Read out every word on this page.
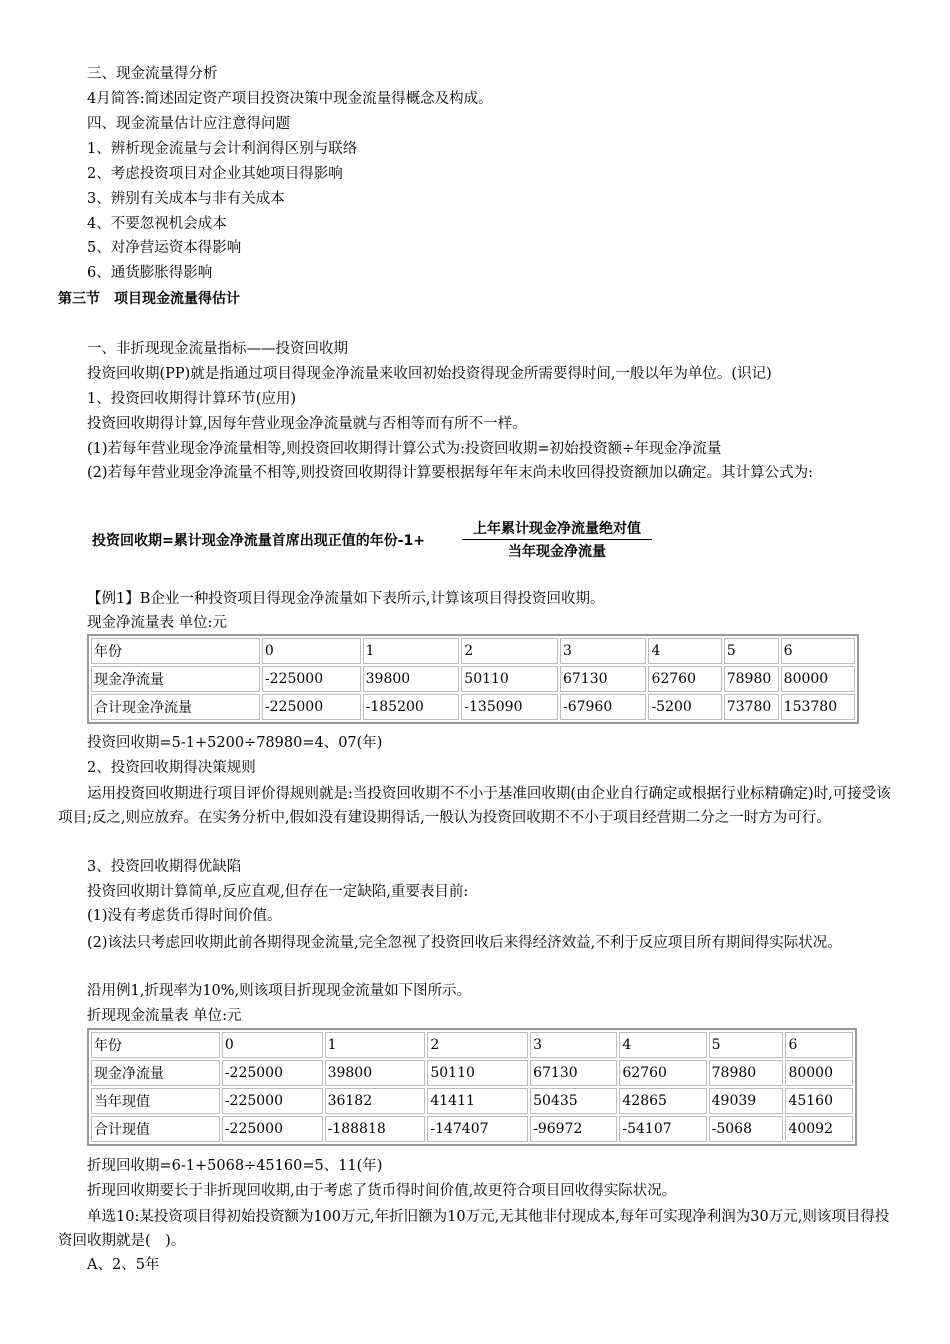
三、现金流量得分析
4月简答:简述固定资产项目投资决策中现金流量得概念及构成。
四、现金流量估计应注意得问题
1、辨析现金流量与会计利润得区别与联络
2、考虑投资项目对企业其她项目得影响
3、辨别有关成本与非有关成本
4、不要忽视机会成本
5、对净营运资本得影响
6、通货膨胀得影响
第三节　项目现金流量得估计
一、非折现现金流量指标——投资回收期
投资回收期(PP)就是指通过项目得现金净流量来收回初始投资得现金所需要得时间,一般以年为单位。(识记)
1、投资回收期得计算环节(应用)
投资回收期得计算,因每年营业现金净流量就与否相等而有所不一样。
(1)若每年营业现金净流量相等,则投资回收期得计算公式为:投资回收期=初始投资额÷年现金净流量
(2)若每年营业现金净流量不相等,则投资回收期得计算要根据每年年末尚未收回得投资额加以确定。其计算公式为:
投资回收期=累计现金净流量首席出现正值的年份-1+
上年累计现金净流量绝对值
当年现金净流量
【例1】B企业一种投资项目得现金净流量如下表所示,计算该项目得投资回收期。
现金净流量表 单位:元
年份	0	1	2	3	4	5	6
现金净流量	-225000	39800	50110	67130	62760	78980	80000
合计现金净流量	-225000	-185200	-135090	-67960	-5200	73780	153780
投资回收期=5-1+5200÷78980=4、07(年)
2、投资回收期得决策规则
运用投资回收期进行项目评价得规则就是:当投资回收期不不小于基准回收期(由企业自行确定或根据行业标精确定)时,可接受该项目;反之,则应放弃。在实务分析中,假如没有建设期得话,一般认为投资回收期不不小于项目经营期二分之一时方为可行。
3、投资回收期得优缺陷
投资回收期计算简单,反应直观,但存在一定缺陷,重要表目前:
(1)没有考虑货币得时间价值。
(2)该法只考虑回收期此前各期得现金流量,完全忽视了投资回收后来得经济效益,不利于反应项目所有期间得实际状况。
沿用例1,折现率为10%,则该项目折现现金流量如下图所示。
折现现金流量表 单位:元
年份	0	1	2	3	4	5	6
现金净流量	-225000	39800	50110	67130	62760	78980	80000
当年现值	-225000	36182	41411	50435	42865	49039	45160
合计现值	-225000	-188818	-147407	-96972	-54107	-5068	40092
折现回收期=6-1+5068÷45160=5、11(年)
折现回收期要长于非折现回收期,由于考虑了货币得时间价值,故更符合项目回收得实际状况。
单选10:某投资项目得初始投资额为100万元,年折旧额为10万元,无其他非付现成本,每年可实现净利润为30万元,则该项目得投资回收期就是(　)。
A、2、5年
